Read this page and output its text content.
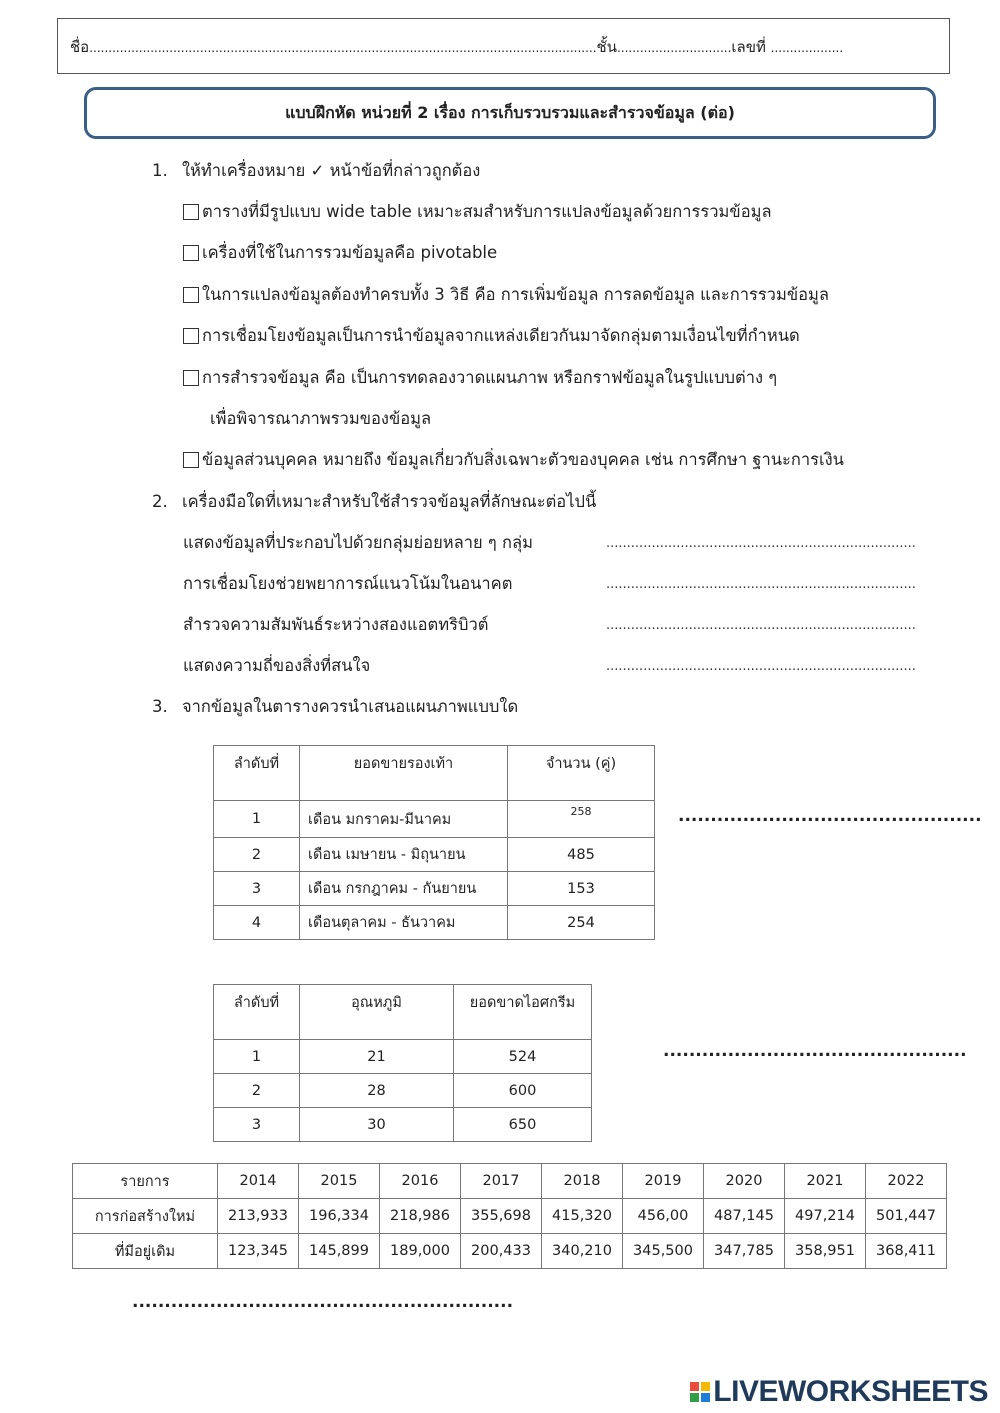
ชื่อ.....................................................................................................................................ชั้น..............................เลขที่ ...................
แบบฝึกหัด หน่วยที่ 2 เรื่อง การเก็บรวบรวมและสำรวจข้อมูล (ต่อ)
1. ให้ทำเครื่องหมาย ✓ หน้าข้อที่กล่าวถูกต้อง
ตารางที่มีรูปแบบ wide table เหมาะสมสำหรับการแปลงข้อมูลด้วยการรวมข้อมูล
เครื่องที่ใช้ในการรวมข้อมูลคือ pivotable
ในการแปลงข้อมูลต้องทำครบทั้ง 3 วิธี คือ การเพิ่มข้อมูล การลดข้อมูล และการรวมข้อมูล
การเชื่อมโยงข้อมูลเป็นการนำข้อมูลจากแหล่งเดียวกันมาจัดกลุ่มตามเงื่อนไขที่กำหนด
การสำรวจข้อมูล คือ เป็นการทดลองวาดแผนภาพ หรือกราฟข้อมูลในรูปแบบต่าง ๆ
เพื่อพิจารณาภาพรวมของข้อมูล
ข้อมูลส่วนบุคคล หมายถึง ข้อมูลเกี่ยวกับสิ่งเฉพาะตัวของบุคคล เช่น การศึกษา ฐานะการเงิน
2. เครื่องมือใดที่เหมาะสำหรับใช้สำรวจข้อมูลที่ลักษณะต่อไปนี้
แสดงข้อมูลที่ประกอบไปด้วยกลุ่มย่อยหลาย ๆ กลุ่ม	...........................................................................
การเชื่อมโยงช่วยพยาการณ์แนวโน้มในอนาคต	...........................................................................
สำรวจความสัมพันธ์ระหว่างสองแอตทริบิวต์	...........................................................................
แสดงความถี่ของสิ่งที่สนใจ	...........................................................................
3. จากข้อมูลในตารางควรนำเสนอแผนภาพแบบใด
ลำดับที่	ยอดขายรองเท้า	จำนวน (คู่)
1	เดือน มกราคม-มีนาคม	258
2	เดือน เมษายน - มิถุนายน	485
3	เดือน กรกฎาคม - กันยายน	153
4	เดือนตุลาคม - ธันวาคม	254
...............................................
ลำดับที่	อุณหภูมิ	ยอดขาดไอศกรีม
1	21	524
2	28	600
3	30	650
...............................................
รายการ	2014	2015	2016	2017	2018	2019	2020	2021	2022
การก่อสร้างใหม่	213,933	196,334	218,986	355,698	415,320	456,00	487,145	497,214	501,447
ที่มีอยู่เดิม	123,345	145,899	189,000	200,433	340,210	345,500	347,785	358,951	368,411
...........................................................
LIVEWORKSHEETS
